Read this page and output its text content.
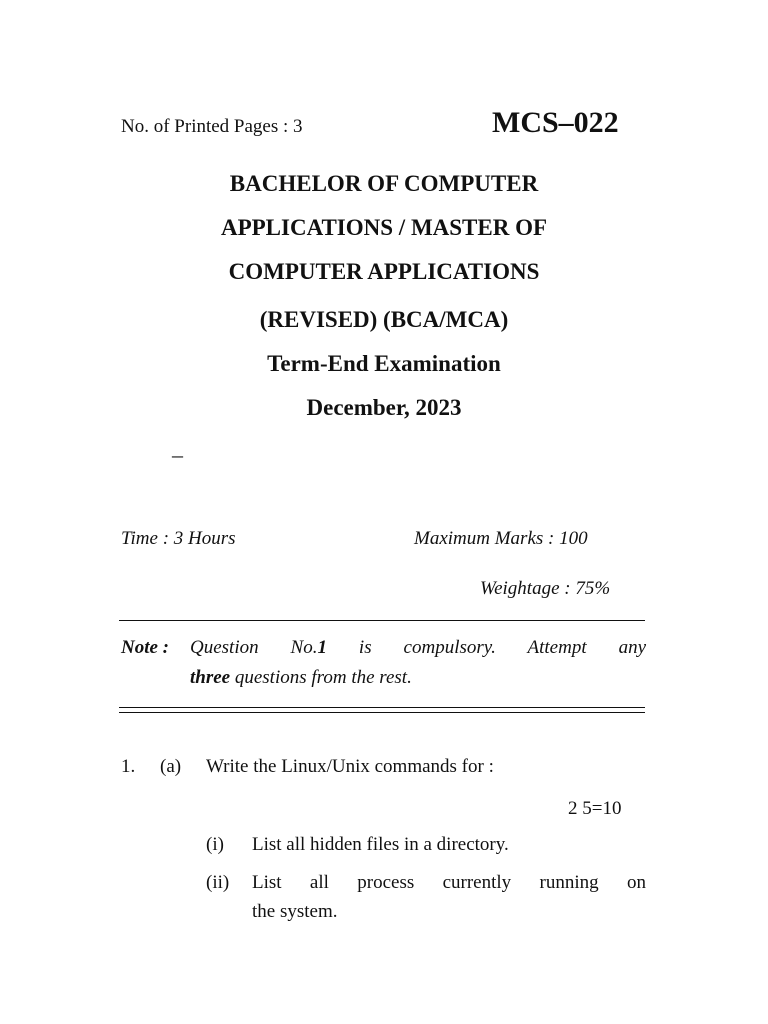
No. of Printed Pages : 3	MCS–022
BACHELOR OF COMPUTER
APPLICATIONS / MASTER OF
COMPUTER APPLICATIONS
(REVISED) (BCA/MCA)
Term-End Examination
December, 2023
–
Time : 3 Hours	Maximum Marks : 100
Weightage : 75%
Note : Question No.1 is compulsory. Attempt any
three questions from the rest.
1. (a) Write the Linux/Unix commands for :
2 5=10
(i) List all hidden files in a directory.
(ii) List all process currently running on
the system.
